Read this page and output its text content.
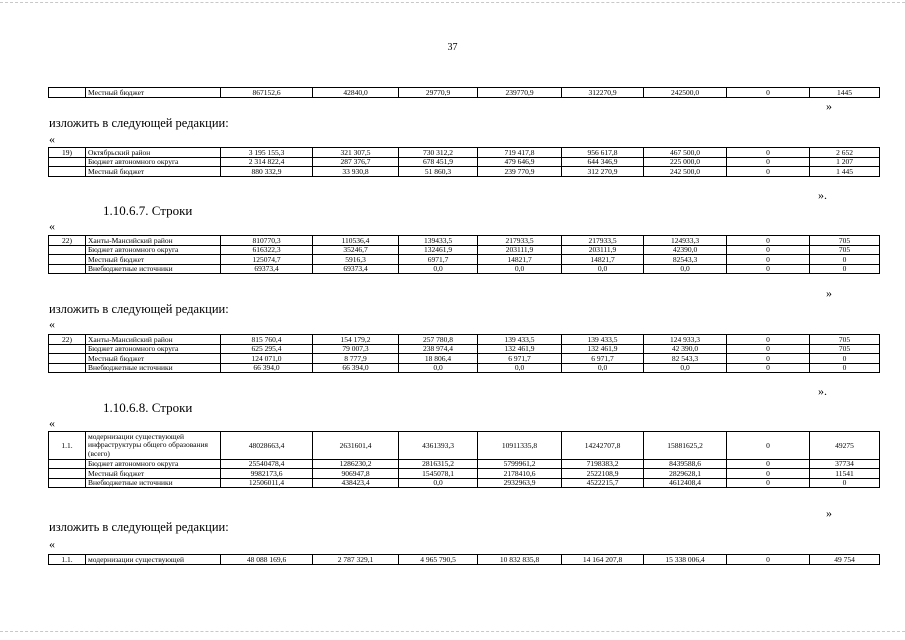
37
	Местный бюджет	867152,6	42840,0	29770,9	239770,9	312270,9	242500,0	0	1445
»
изложить в следующей редакции:
«
19)	Октябрьский район	3 195 155,3	321 307,5	730 312,2	719 417,8	956 617,8	467 500,0	0	2 652
	Бюджет автономного округа	2 314 822,4	287 376,7	678 451,9	479 646,9	644 346,9	225 000,0	0	1 207
	Местный бюджет	880 332,9	33 930,8	51 860,3	239 770,9	312 270,9	242 500,0	0	1 445
».
1.10.6.7. Строки
«
22)	Ханты-Мансийский район	810770,3	110536,4	139433,5	217933,5	217933,5	124933,3	0	705
	Бюджет автономного округа	616322,3	35246,7	132461,9	203111,9	203111,9	42390,0	0	705
	Местный бюджет	125074,7	5916,3	6971,7	14821,7	14821,7	82543,3	0	0
	Внебюджетные источники	69373,4	69373,4	0,0	0,0	0,0	0,0	0	0
»
изложить в следующей редакции:
«
22)	Ханты-Мансийский район	815 760,4	154 179,2	257 780,8	139 433,5	139 433,5	124 933,3	0	705
	Бюджет автономного округа	625 295,4	79 007,3	238 974,4	132 461,9	132 461,9	42 390,0	0	705
	Местный бюджет	124 071,0	8 777,9	18 806,4	6 971,7	6 971,7	82 543,3	0	0
	Внебюджетные источники	66 394,0	66 394,0	0,0	0,0	0,0	0,0	0	0
».
1.10.6.8. Строки
«
1.1.	модернизации существующей инфраструктуры общего образования (всего)	48028663,4	2631601,4	4361393,3	10911335,8	14242707,8	15881625,2	0	49275
	Бюджет автономного округа	25540478,4	1286230,2	2816315,2	5799961,2	7198383,2	8439588,6	0	37734
	Местный бюджет	9982173,6	906947,8	1545078,1	2178410,6	2522108,9	2829628,1	0	11541
	Внебюджетные источники	12506011,4	438423,4	0,0	2932963,9	4522215,7	4612408,4	0	0
»
изложить в следующей редакции:
«
1.1.	модернизации существующей	48 088 169,6	2 787 329,1	4 965 790,5	10 832 835,8	14 164 207,8	15 338 006,4	0	49 754
